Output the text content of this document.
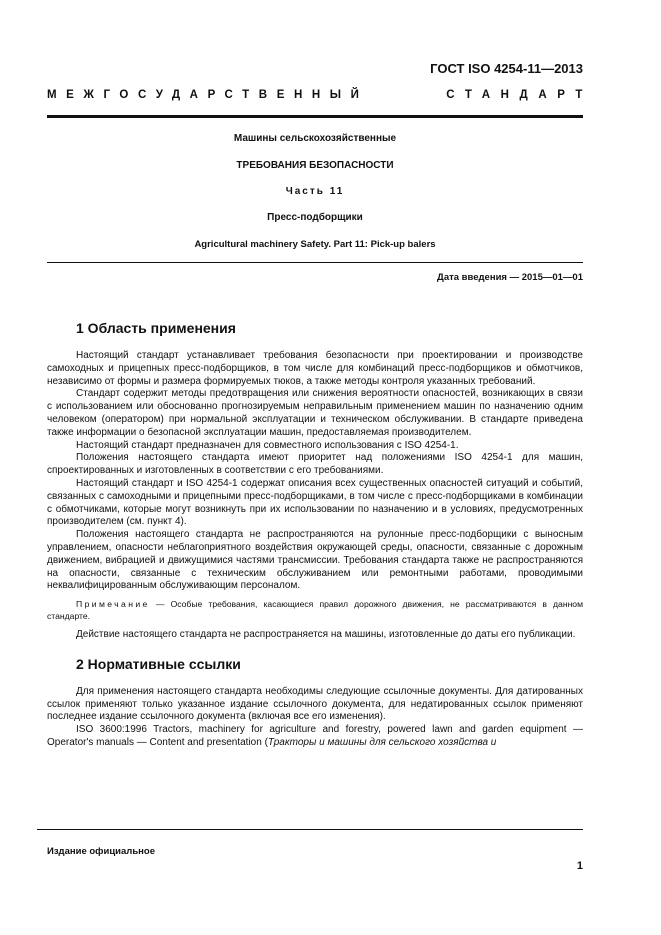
ГОСТ ISO 4254-11—2013
МЕЖГОСУДАРСТВЕННЫЙ	СТАНДАРТ
Машины сельскохозяйственные
ТРЕБОВАНИЯ БЕЗОПАСНОСТИ
Часть 11
Пресс-подборщики
Agricultural machinery Safety. Part 11: Pick-up balers
Дата введения — 2015—01—01
1 Область применения

Настоящий стандарт устанавливает требования безопасности при проектировании и производстве самоходных и прицепных пресс-подборщиков, в том числе для комбинаций пресс-подборщиков и обмотчиков, независимо от формы и размера формируемых тюков, а также методы контроля указанных требований.

Стандарт содержит методы предотвращения или снижения вероятности опасностей, возникающих в связи с использованием или обоснованно прогнозируемым неправильным применением машин по назначению одним человеком (оператором) при нормальной эксплуатации и техническом обслуживании. В стандарте приведена также информации о безопасной эксплуатации машин, предоставляемая производителем.

Настоящий стандарт предназначен для совместного использования с ISO 4254-1.

Положения настоящего стандарта имеют приоритет над положениями ISO 4254-1 для машин, спроектированных и изготовленных в соответствии с его требованиями.

Настоящий стандарт и ISO 4254-1 содержат описания всех существенных опасностей ситуаций и событий, связанных с самоходными и прицепными пресс-подборщиками, в том числе с пресс-подборщиками в комбинации с обмотчиками, которые могут возникнуть при их использовании по назначению и в условиях, предусмотренных производителем (см. пункт 4).

Положения настоящего стандарта не распространяются на рулонные пресс-подборщики с выносным управлением, опасности неблагоприятного воздействия окружающей среды, опасности, связанные с дорожным движением, вибрацией и движущимися частями трансмиссии. Требования стандарта также не распространяются на опасности, связанные с техническим обслуживанием или ремонтными работами, проводимыми неквалифицированным обслуживающим персоналом.

Примечание — Особые требования, касающиеся правил дорожного движения, не рассматриваются в данном стандарте.

Действие настоящего стандарта не распространяется на машины, изготовленные до даты его публикации.

2 Нормативные ссылки

Для применения настоящего стандарта необходимы следующие ссылочные документы. Для датированных ссылок применяют только указанное издание ссылочного документа, для недатированных ссылок применяют последнее издание ссылочного документа (включая все его изменения).

ISO 3600:1996 Tractors, machinery for agriculture and forestry, powered lawn and garden equipment — Operator's manuals — Content and presentation (Тракторы и машины для сельского хозяйства и

Издание официальное
1
